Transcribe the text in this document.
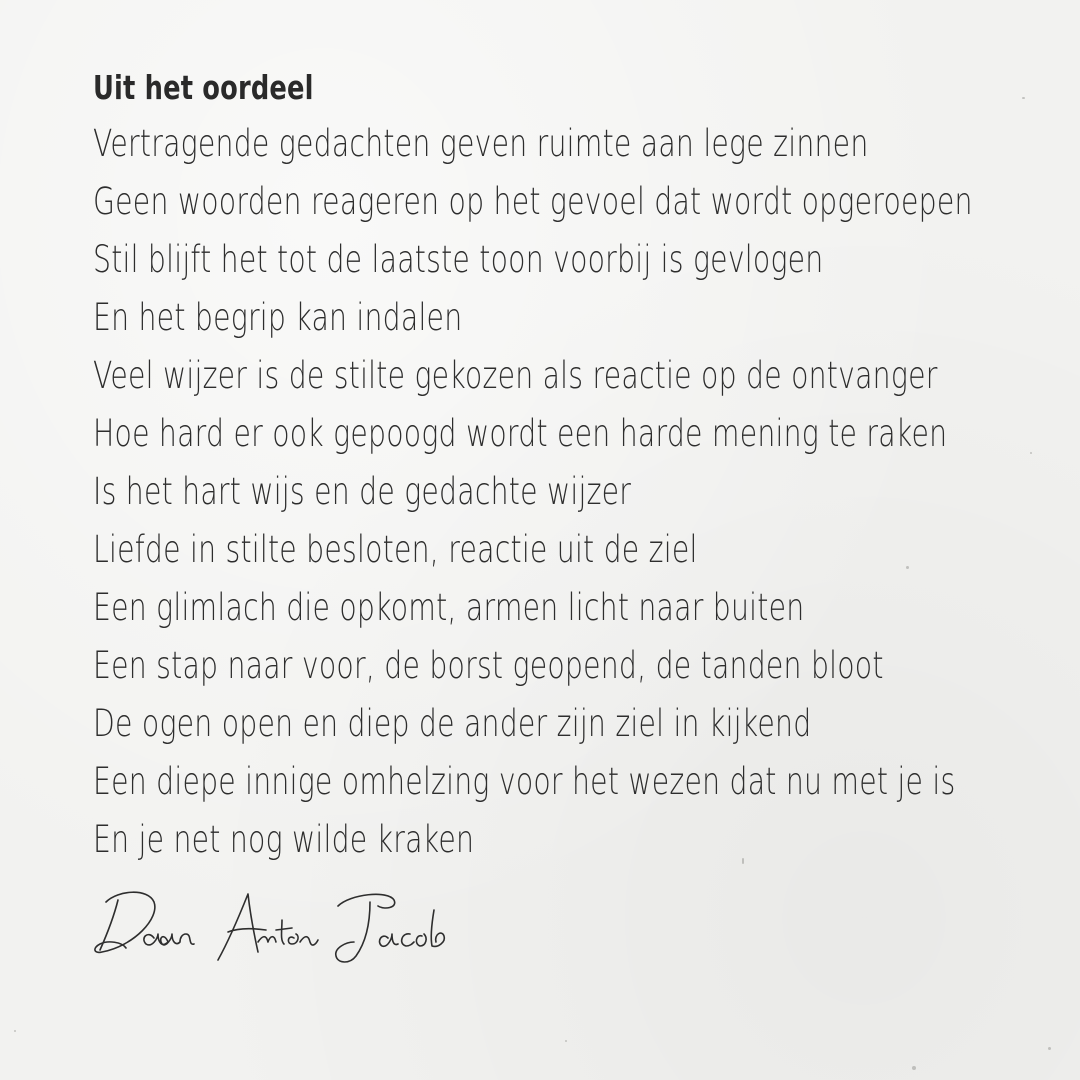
Uit het oordeel
Vertragende gedachten geven ruimte aan lege zinnen
Geen woorden reageren op het gevoel dat wordt opgeroepen
Stil blijft het tot de laatste toon voorbij is gevlogen
En het begrip kan indalen
Veel wijzer is de stilte gekozen als reactie op de ontvanger
Hoe hard er ook gepoogd wordt een harde mening te raken
Is het hart wijs en de gedachte wijzer
Liefde in stilte besloten, reactie uit de ziel
Een glimlach die opkomt, armen licht naar buiten
Een stap naar voor, de borst geopend, de tanden bloot
De ogen open en diep de ander zijn ziel in kijkend
Een diepe innige omhelzing voor het wezen dat nu met je is
En je net nog wilde kraken
